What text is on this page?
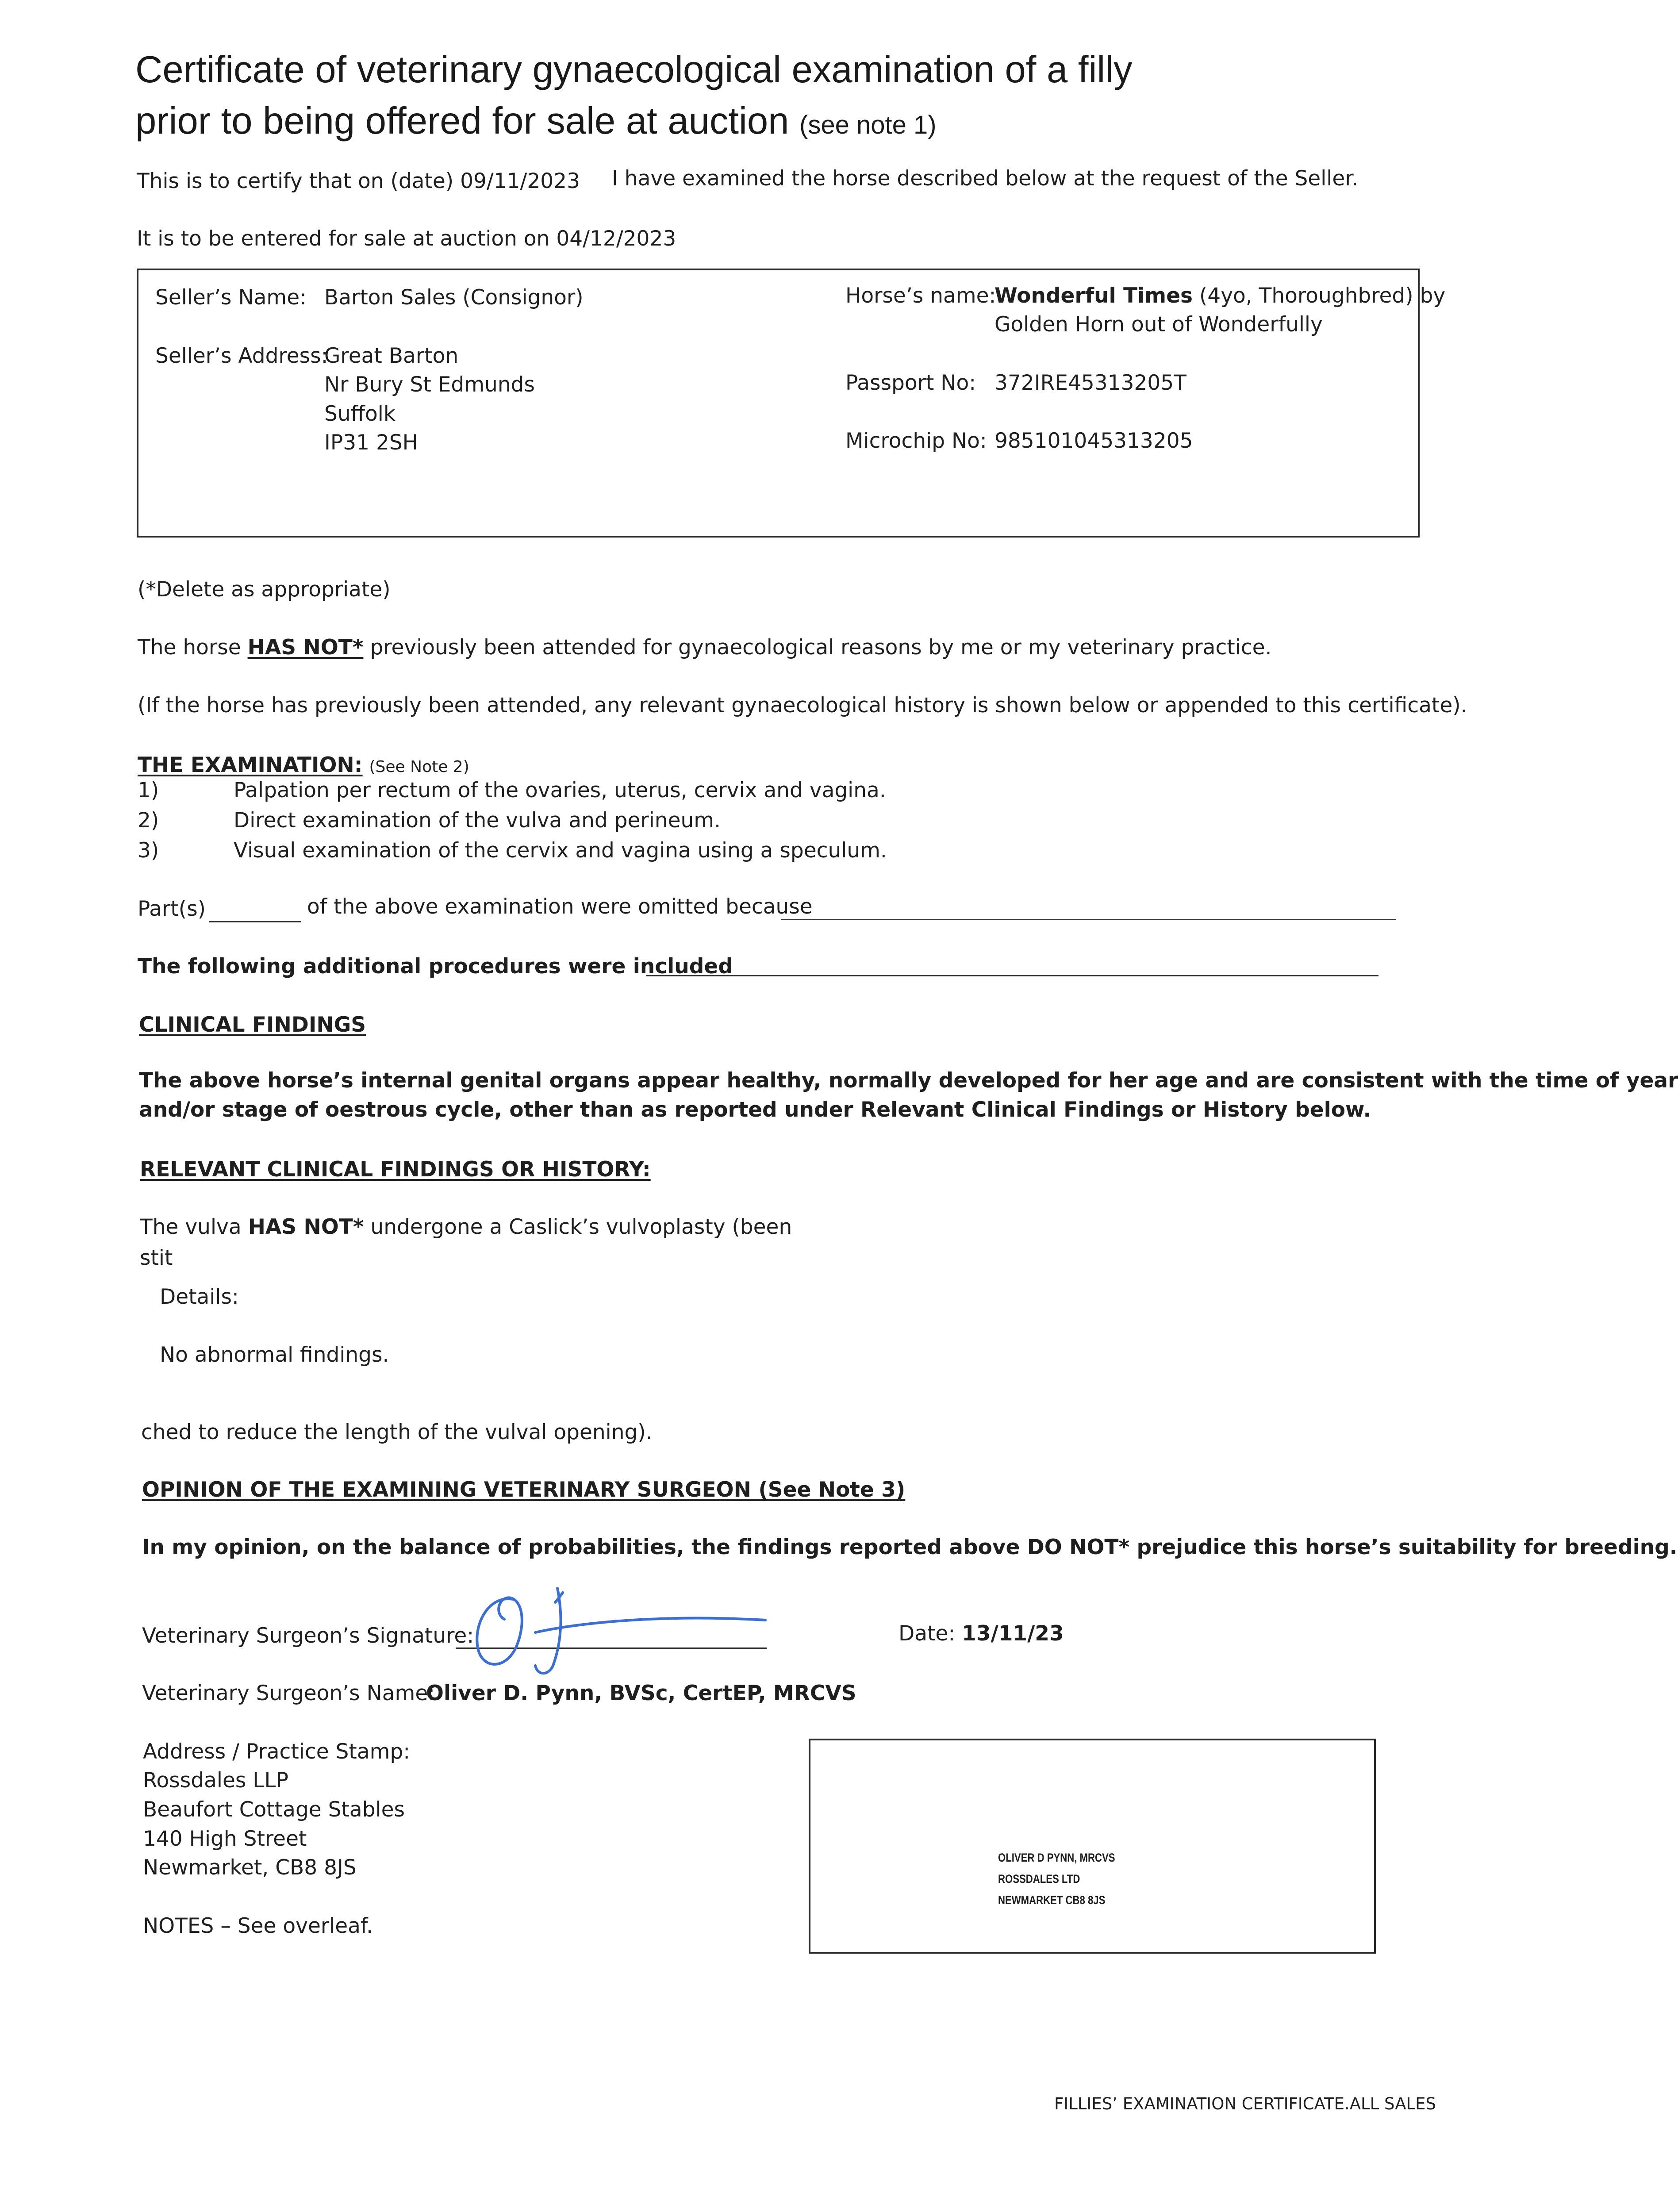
Certificate of veterinary gynaecological examination of a filly
prior to being offered for sale at auction (see note 1)
This is to certify that on (date) 09/11/2023 I have examined the horse described below at the request of the Seller.
It is to be entered for sale at auction on 04/12/2023
Seller’s Name: Barton Sales (Consignor)
Seller’s Address:
Great Barton
Nr Bury St Edmunds
Suffolk
IP31 2SH
Horse’s name:
Wonderful Times (4yo, Thoroughbred) by
Golden Horn out of Wonderfully
Passport No: 372IRE45313205T
Microchip No: 985101045313205
(*Delete as appropriate)
The horse HAS NOT* previously been attended for gynaecological reasons by me or my veterinary practice.
(If the horse has previously been attended, any relevant gynaecological history is shown below or appended to this certificate).
THE EXAMINATION: (See Note 2)
1)	Palpation per rectum of the ovaries, uterus, cervix and vagina.
2)	Direct examination of the vulva and perineum.
3)	Visual examination of the cervix and vagina using a speculum.
Part(s)	of the above examination were omitted because
The following additional procedures were included
CLINICAL FINDINGS
The above horse’s internal genital organs appear healthy, normally developed for her age and are consistent with the time of year
and/or stage of oestrous cycle, other than as reported under Relevant Clinical Findings or History below.
RELEVANT CLINICAL FINDINGS OR HISTORY:
The vulva HAS NOT* undergone a Caslick’s vulvoplasty (been
stit
Details:
No abnormal findings.
ched to reduce the length of the vulval opening).
OPINION OF THE EXAMINING VETERINARY SURGEON (See Note 3)
In my opinion, on the balance of probabilities, the findings reported above DO NOT* prejudice this horse’s suitability for breeding.
Veterinary Surgeon’s Signature:	Date: 13/11/23
Veterinary Surgeon’s Name:
Oliver D. Pynn, BVSc, CertEP, MRCVS
Address / Practice Stamp:
Rossdales LLP
Beaufort Cottage Stables
140 High Street
Newmarket, CB8 8JS
NOTES – See overleaf.
OLIVER D PYNN, MRCVS
ROSSDALES LTD
NEWMARKET CB8 8JS
FILLIES’ EXAMINATION CERTIFICATE.ALL SALES
